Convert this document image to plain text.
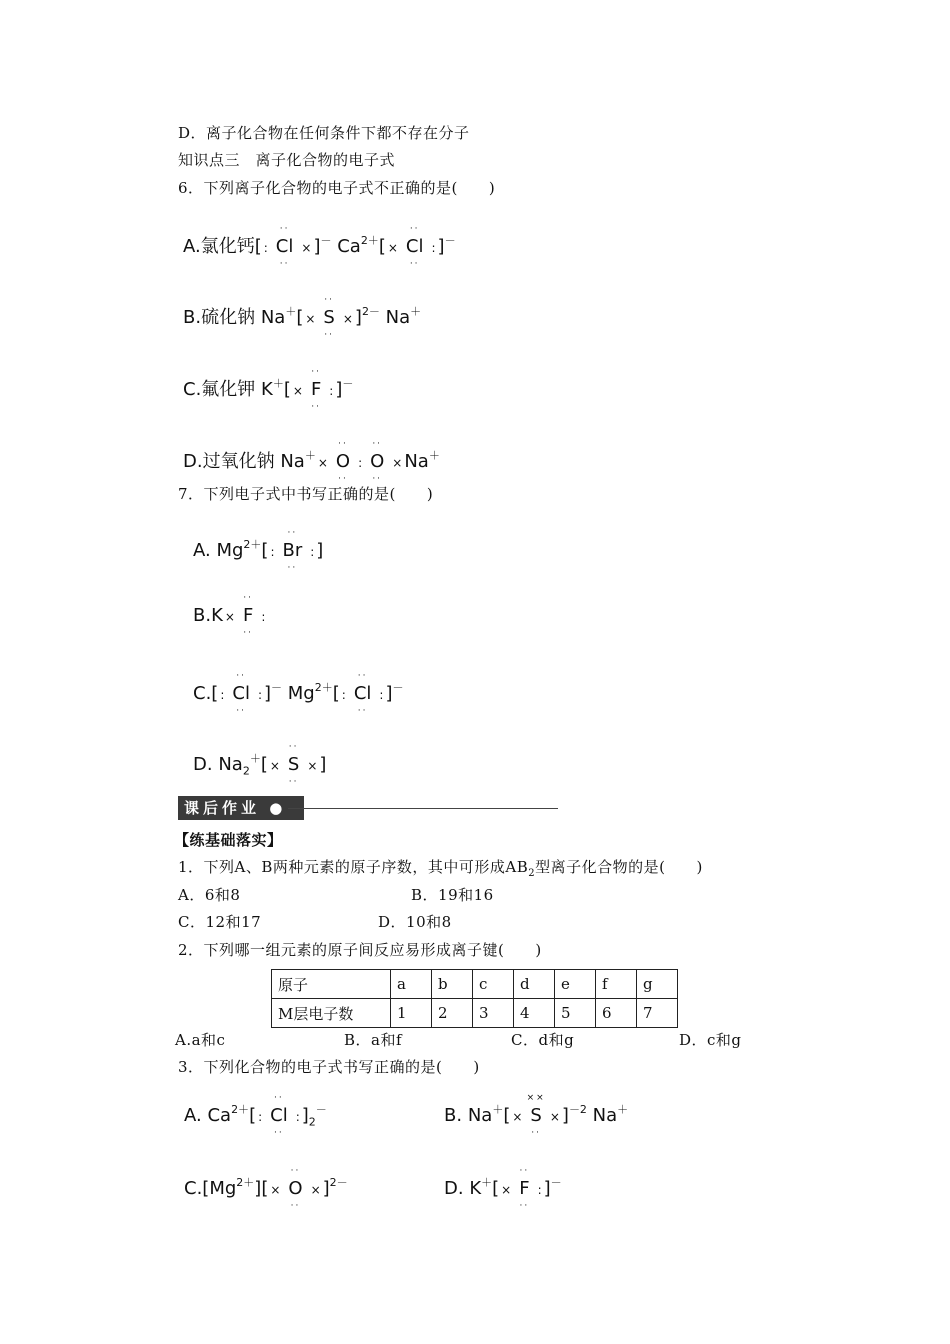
D．离子化合物在任何条件下都不存在分子
知识点三　离子化合物的电子式
6．下列离子化合物的电子式不正确的是(　　)
A.氯化钙[ :
··
Cl
··
× ]－ $Ca^{2+}$[ ×
··
Cl
··
: ]－
B.硫化钠 Na＋[ ×
··
S
··
× ]$^{2-}$ Na＋
C.氟化钾 K＋[ ×
··
F
··
: ]－
D.过氧化钠 Na＋×
··
O
··
:
··
O
··
× Na＋
7．下列电子式中书写正确的是(　　)
A. $Mg^{2+}$[ :
··
Br
··
: ]
B.K ×
··
F
··
:
C.[ :
··
Cl
··
: ]－ $Mg^{2+}$[ :
··
Cl
··
: ]－
D. $Na_2^+$[ ×
··
S
··
× ]
课后作业 ●
【练基础落实】
1．下列A、B两种元素的原子序数，其中可形成$AB_2$型离子化合物的是(　　)
A．6和8	B．19和16
C．12和17	D．10和8
2．下列哪一组元素的原子间反应易形成离子键(　　)
原子	a	b	c	d	e	f	g
M层电子数	1	2	3	4	5	6	7
A.a和c	B．a和f	C．d和g	D．c和g
3．下列化合物的电子式书写正确的是(　　)
A. $Ca^{2+}$[ :
··
Cl
··
: ]$_2^-$	B. Na＋[ ×
××
S
··
× ]$^{-2}$ Na＋
$C.[Mg^{2+}]$[ ×
··
O
··
× ]$^{2-}$	D. K＋[ ×
··
F
··
: ]－
